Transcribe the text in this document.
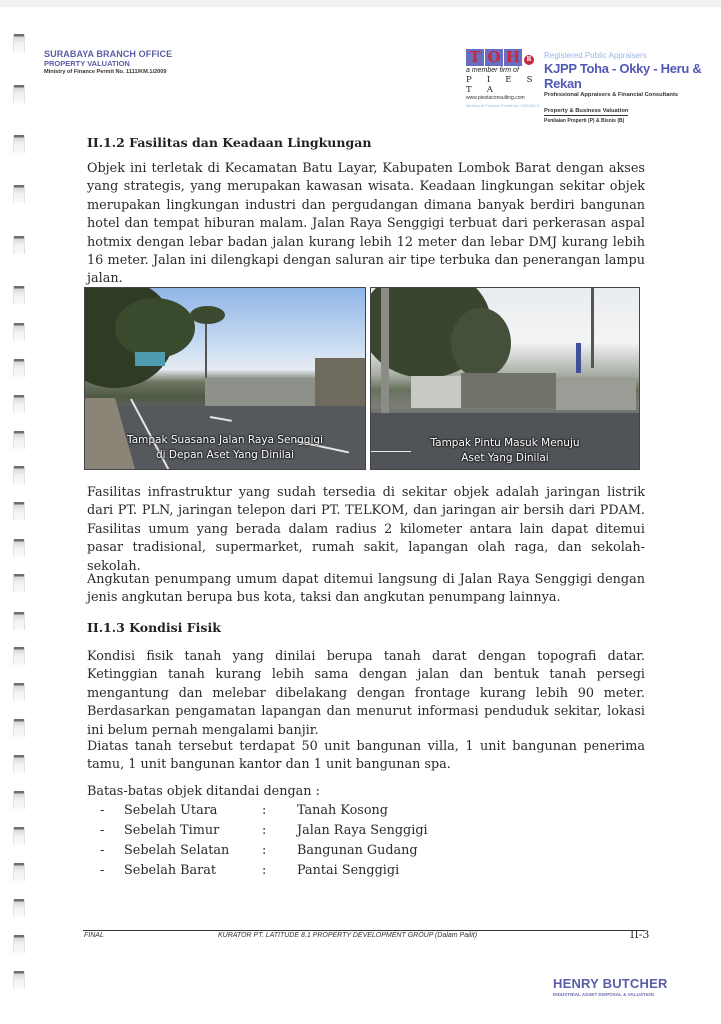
SURABAYA BRANCH OFFICE
PROPERTY VALUATION
Ministry of Finance Permit No. 1111/KM.1/2009
T O H	R
a member firm of
P I E S T A
www.piestaconsulting.com
Ministry of Finance Permit No. 2/2B.0574
Registered Public Appraisers
KJPP Toha - Okky - Heru & Rekan
Professional Appraisers & Financial Consultants
Property & Business Valuation
Penilaian Properti (P) & Bisnis (B)
II.1.2 Fasilitas dan Keadaan Lingkungan

Objek ini terletak di Kecamatan Batu Layar, Kabupaten Lombok Barat dengan akses yang strategis, yang merupakan kawasan wisata. Keadaan lingkungan sekitar objek merupakan lingkungan industri dan pergudangan dimana banyak berdiri bangunan hotel dan tempat hiburan malam. Jalan Raya Senggigi terbuat dari perkerasan aspal hotmix dengan lebar badan jalan kurang lebih 12 meter dan lebar DMJ kurang lebih 16 meter. Jalan ini dilengkapi dengan saluran air tipe terbuka dan penerangan lampu jalan.

Tampak Suasana Jalan Raya Senggigi
di Depan Aset Yang Dinilai
Tampak Pintu Masuk Menuju
Aset Yang Dinilai

Fasilitas infrastruktur yang sudah tersedia di sekitar objek adalah jaringan listrik dari PT. PLN, jaringan telepon dari PT. TELKOM, dan jaringan air bersih dari PDAM. Fasilitas umum yang berada dalam radius 2 kilometer antara lain dapat ditemui pasar tradisional, supermarket, rumah sakit, lapangan olah raga, dan sekolah-sekolah.

Angkutan penumpang umum dapat ditemui langsung di Jalan Raya Senggigi dengan jenis angkutan berupa bus kota, taksi dan angkutan penumpang lainnya.

II.1.3 Kondisi Fisik

Kondisi fisik tanah yang dinilai berupa tanah darat dengan topografi datar. Ketinggian tanah kurang lebih sama dengan jalan dan bentuk tanah persegi mengantung dan melebar dibelakang dengan frontage kurang lebih 90 meter. Berdasarkan pengamatan lapangan dan menurut informasi penduduk sekitar, lokasi ini belum pernah mengalami banjir.

Diatas tanah tersebut terdapat 50 unit bangunan villa, 1 unit bangunan penerima tamu, 1 unit bangunan kantor dan 1 unit bangunan spa.

Batas-batas objek ditandai dengan :

- Sebelah Utara	: Tanah Kosong
- Sebelah Timur	: Jalan Raya Senggigi
- Sebelah Selatan	: Bangunan Gudang
- Sebelah Barat	: Pantai Senggigi
FINAL	KURATOR PT. LATITUDE 8.1 PROPERTY DEVELOPMENT GROUP (Dalam Pailit)	II-3
HENRY BUTCHER
INDUSTRIAL ASSET DISPOSAL & VALUATION
